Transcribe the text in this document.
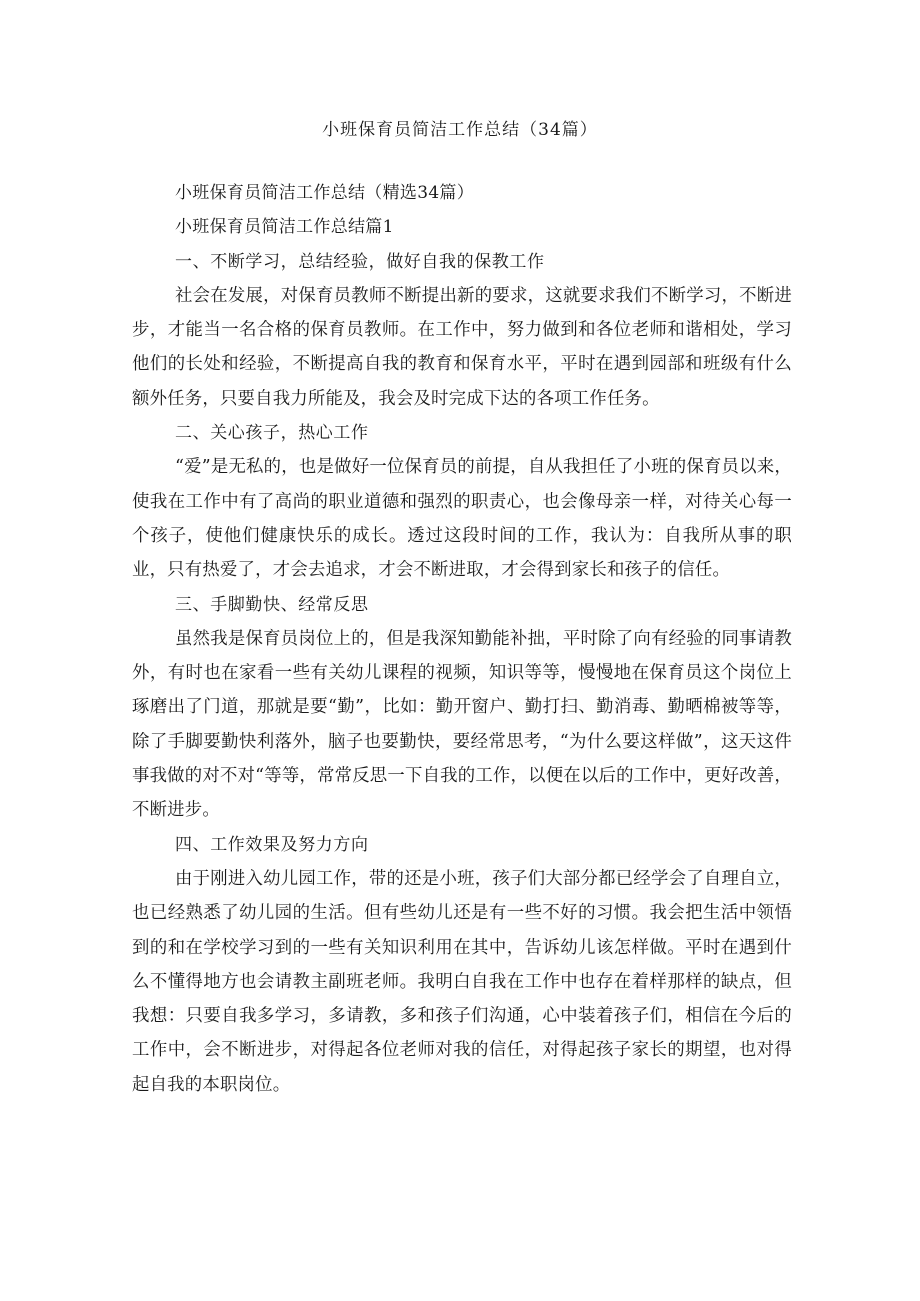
小班保育员简洁工作总结（34篇）

小班保育员简洁工作总结（精选34篇）

小班保育员简洁工作总结篇1

一、不断学习，总结经验，做好自我的保教工作

社会在发展，对保育员教师不断提出新的要求，这就要求我们不断学习，不断进步，才能当一名合格的保育员教师。在工作中，努力做到和各位老师和谐相处，学习他们的长处和经验，不断提高自我的教育和保育水平，平时在遇到园部和班级有什么额外任务，只要自我力所能及，我会及时完成下达的各项工作任务。

二、关心孩子，热心工作

“爱”是无私的，也是做好一位保育员的前提，自从我担任了小班的保育员以来，使我在工作中有了高尚的职业道德和强烈的职责心，也会像母亲一样，对待关心每一个孩子，使他们健康快乐的成长。透过这段时间的工作，我认为：自我所从事的职业，只有热爱了，才会去追求，才会不断进取，才会得到家长和孩子的信任。

三、手脚勤快、经常反思

虽然我是保育员岗位上的，但是我深知勤能补拙，平时除了向有经验的同事请教外，有时也在家看一些有关幼儿课程的视频，知识等等，慢慢地在保育员这个岗位上琢磨出了门道，那就是要“勤”，比如：勤开窗户、勤打扫、勤消毒、勤晒棉被等等，除了手脚要勤快利落外，脑子也要勤快，要经常思考，“为什么要这样做”，这天这件事我做的对不对“等等，常常反思一下自我的工作，以便在以后的工作中，更好改善，不断进步。

四、工作效果及努力方向

由于刚进入幼儿园工作，带的还是小班，孩子们大部分都已经学会了自理自立，也已经熟悉了幼儿园的生活。但有些幼儿还是有一些不好的习惯。我会把生活中领悟到的和在学校学习到的一些有关知识利用在其中，告诉幼儿该怎样做。平时在遇到什么不懂得地方也会请教主副班老师。我明白自我在工作中也存在着样那样的缺点，但我想：只要自我多学习，多请教，多和孩子们沟通，心中装着孩子们，相信在今后的工作中，会不断进步，对得起各位老师对我的信任，对得起孩子家长的期望，也对得起自我的本职岗位。
